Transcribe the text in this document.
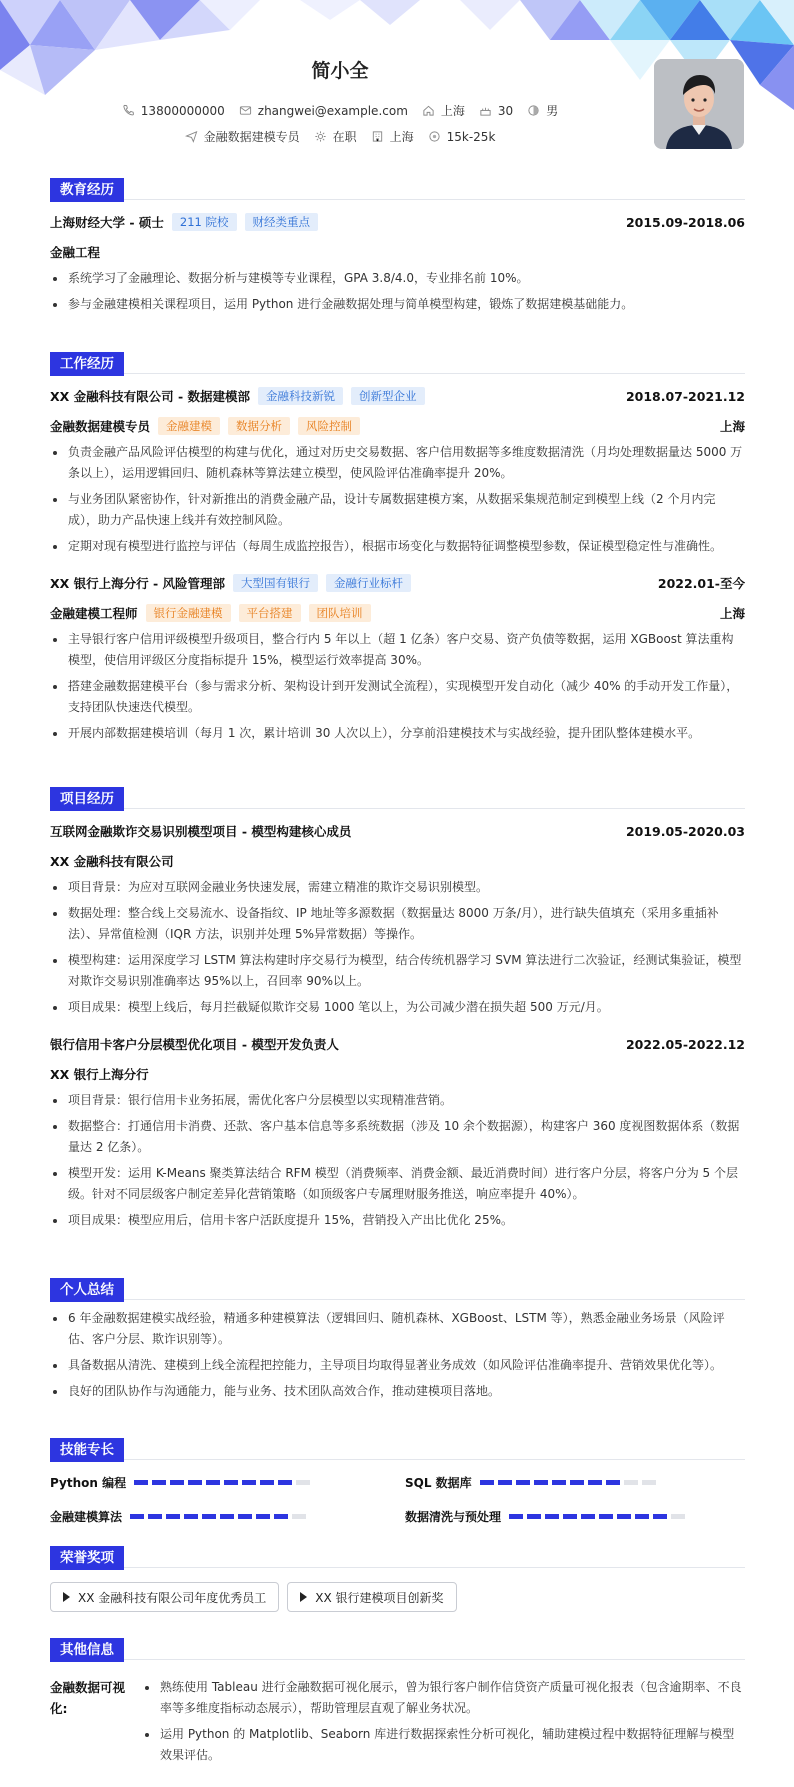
简小全
13800000000	zhangwei@example.com	上海	30	男
金融数据建模专员	在职	上海	15k-25k
教育经历
上海财经大学 - 硕士	211 院校	财经类重点	2015.09-2018.06
金融工程
系统学习了金融理论、数据分析与建模等专业课程，GPA 3.8/4.0，专业排名前 10%。
参与金融建模相关课程项目，运用 Python 进行金融数据处理与简单模型构建，锻炼了数据建模基础能力。
工作经历
XX 金融科技有限公司 - 数据建模部	金融科技新锐	创新型企业	2018.07-2021.12
金融数据建模专员	金融建模	数据分析	风险控制	上海
负责金融产品风险评估模型的构建与优化，通过对历史交易数据、客户信用数据等多维度数据清洗（月均处理数据量达 5000 万条以上），运用逻辑回归、随机森林等算法建立模型，使风险评估准确率提升 20%。
与业务团队紧密协作，针对新推出的消费金融产品，设计专属数据建模方案，从数据采集规范制定到模型上线（2 个月内完成），助力产品快速上线并有效控制风险。
定期对现有模型进行监控与评估（每周生成监控报告），根据市场变化与数据特征调整模型参数，保证模型稳定性与准确性。
XX 银行上海分行 - 风险管理部	大型国有银行	金融行业标杆	2022.01-至今
金融建模工程师	银行金融建模	平台搭建	团队培训	上海
主导银行客户信用评级模型升级项目，整合行内 5 年以上（超 1 亿条）客户交易、资产负债等数据，运用 XGBoost 算法重构模型，使信用评级区分度指标提升 15%，模型运行效率提高 30%。
搭建金融数据建模平台（参与需求分析、架构设计到开发测试全流程），实现模型开发自动化（减少 40% 的手动开发工作量），支持团队快速迭代模型。
开展内部数据建模培训（每月 1 次，累计培训 30 人次以上），分享前沿建模技术与实战经验，提升团队整体建模水平。
项目经历
互联网金融欺诈交易识别模型项目 - 模型构建核心成员	2019.05-2020.03
XX 金融科技有限公司
项目背景：为应对互联网金融业务快速发展，需建立精准的欺诈交易识别模型。
数据处理：整合线上交易流水、设备指纹、IP 地址等多源数据（数据量达 8000 万条/月），进行缺失值填充（采用多重插补法）、异常值检测（IQR 方法，识别并处理 5%异常数据）等操作。
模型构建：运用深度学习 LSTM 算法构建时序交易行为模型，结合传统机器学习 SVM 算法进行二次验证，经测试集验证，模型对欺诈交易识别准确率达 95%以上，召回率 90%以上。
项目成果：模型上线后，每月拦截疑似欺诈交易 1000 笔以上，为公司减少潜在损失超 500 万元/月。
银行信用卡客户分层模型优化项目 - 模型开发负责人	2022.05-2022.12
XX 银行上海分行
项目背景：银行信用卡业务拓展，需优化客户分层模型以实现精准营销。
数据整合：打通信用卡消费、还款、客户基本信息等多系统数据（涉及 10 余个数据源），构建客户 360 度视图数据体系（数据量达 2 亿条）。
模型开发：运用 K-Means 聚类算法结合 RFM 模型（消费频率、消费金额、最近消费时间）进行客户分层，将客户分为 5 个层级。针对不同层级客户制定差异化营销策略（如顶级客户专属理财服务推送，响应率提升 40%）。
项目成果：模型应用后，信用卡客户活跃度提升 15%，营销投入产出比优化 25%。
个人总结
6 年金融数据建模实战经验，精通多种建模算法（逻辑回归、随机森林、XGBoost、LSTM 等），熟悉金融业务场景（风险评估、客户分层、欺诈识别等）。
具备数据从清洗、建模到上线全流程把控能力，主导项目均取得显著业务成效（如风险评估准确率提升、营销效果优化等）。
良好的团队协作与沟通能力，能与业务、技术团队高效合作，推动建模项目落地。
技能专长
Python 编程	SQL 数据库
金融建模算法	数据清洗与预处理
荣誉奖项
XX 金融科技有限公司年度优秀员工	XX 银行建模项目创新奖
其他信息
金融数据可视化:
熟练使用 Tableau 进行金融数据可视化展示，曾为银行客户制作信贷资产质量可视化报表（包含逾期率、不良率等多维度指标动态展示），帮助管理层直观了解业务状况。
运用 Python 的 Matplotlib、Seaborn 库进行数据探索性分析可视化，辅助建模过程中数据特征理解与模型效果评估。
